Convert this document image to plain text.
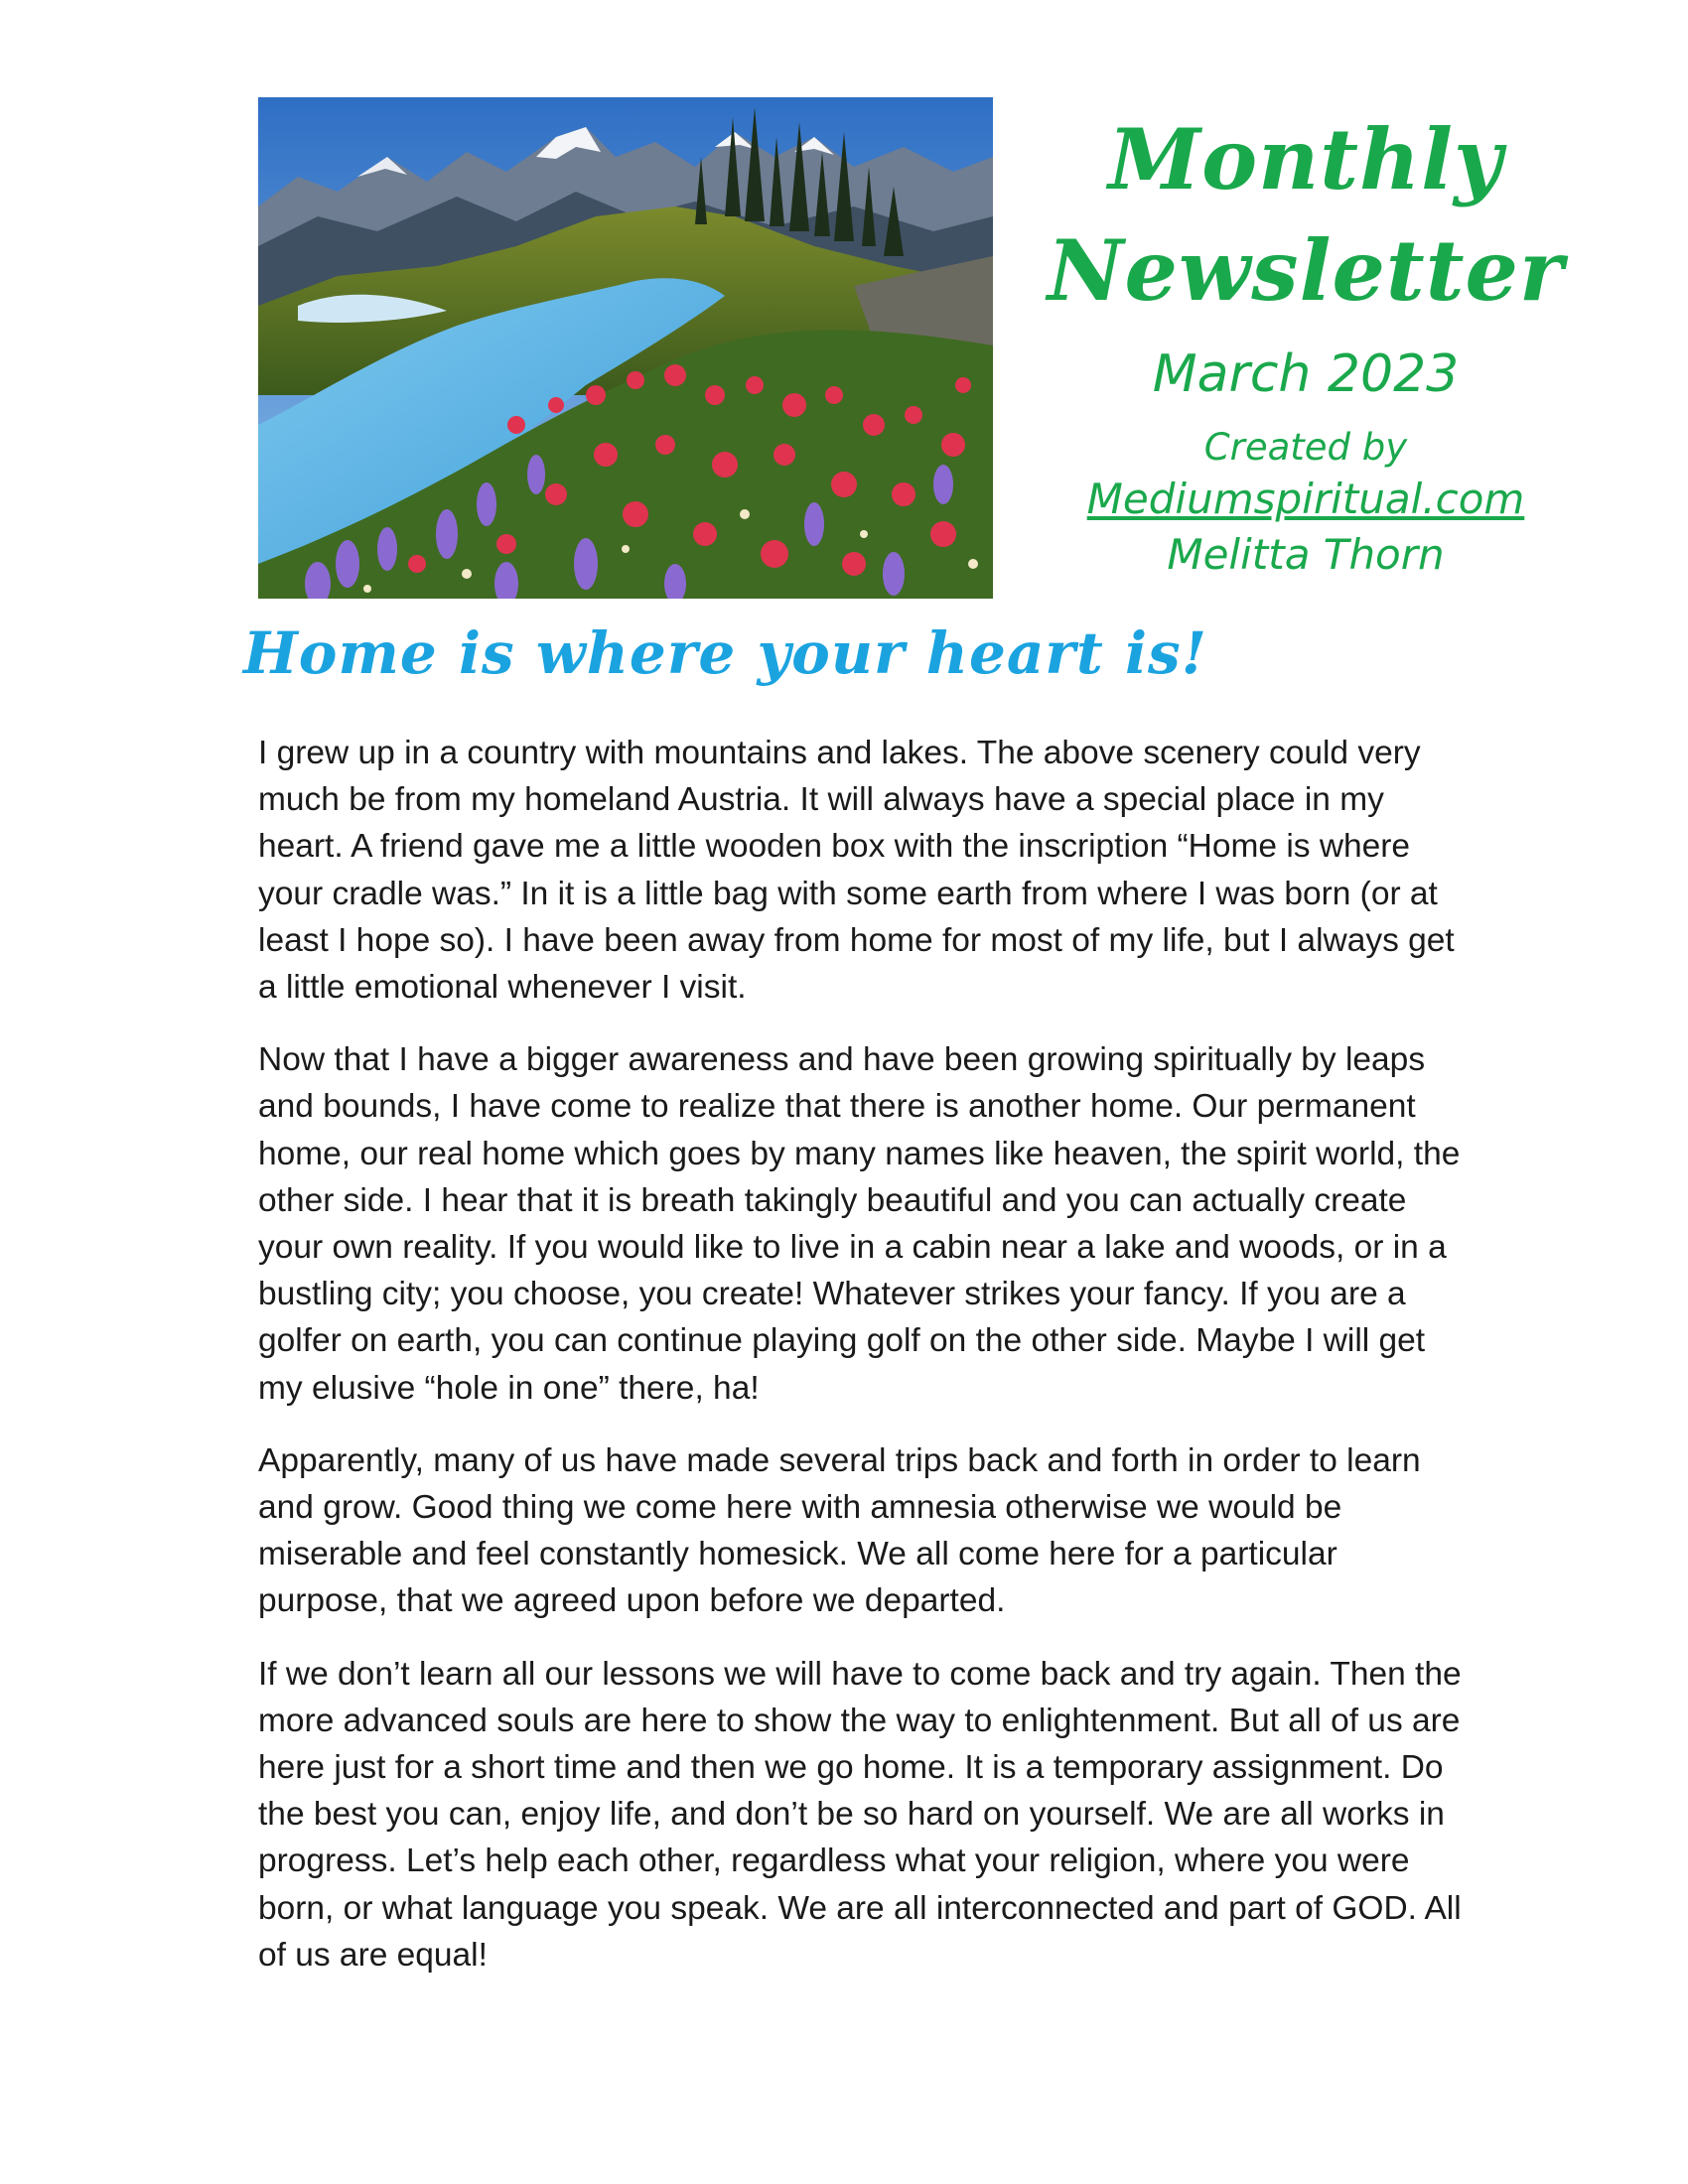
Monthly
Newsletter
March 2023
Created by
Mediumspiritual.com
Melitta Thorn
Home is where your heart is!

I grew up in a country with mountains and lakes. The above scenery could very much be from my homeland Austria. It will always have a special place in my heart. A friend gave me a little wooden box with the inscription “Home is where your cradle was.” In it is a little bag with some earth from where I was born (or at least I hope so). I have been away from home for most of my life, but I always get a little emotional whenever I visit.

Now that I have a bigger awareness and have been growing spiritually by leaps and bounds, I have come to realize that there is another home. Our permanent home, our real home which goes by many names like heaven, the spirit world, the other side. I hear that it is breath takingly beautiful and you can actually create your own reality. If you would like to live in a cabin near a lake and woods, or in a bustling city; you choose, you create! Whatever strikes your fancy. If you are a golfer on earth, you can continue playing golf on the other side. Maybe I will get my elusive “hole in one” there, ha!

Apparently, many of us have made several trips back and forth in order to learn and grow. Good thing we come here with amnesia otherwise we would be miserable and feel constantly homesick. We all come here for a particular purpose, that we agreed upon before we departed.

If we don’t learn all our lessons we will have to come back and try again. Then the more advanced souls are here to show the way to enlightenment. But all of us are here just for a short time and then we go home. It is a temporary assignment. Do the best you can, enjoy life, and don’t be so hard on yourself. We are all works in progress. Let’s help each other, regardless what your religion, where you were born, or what language you speak. We are all interconnected and part of GOD. All of us are equal!
